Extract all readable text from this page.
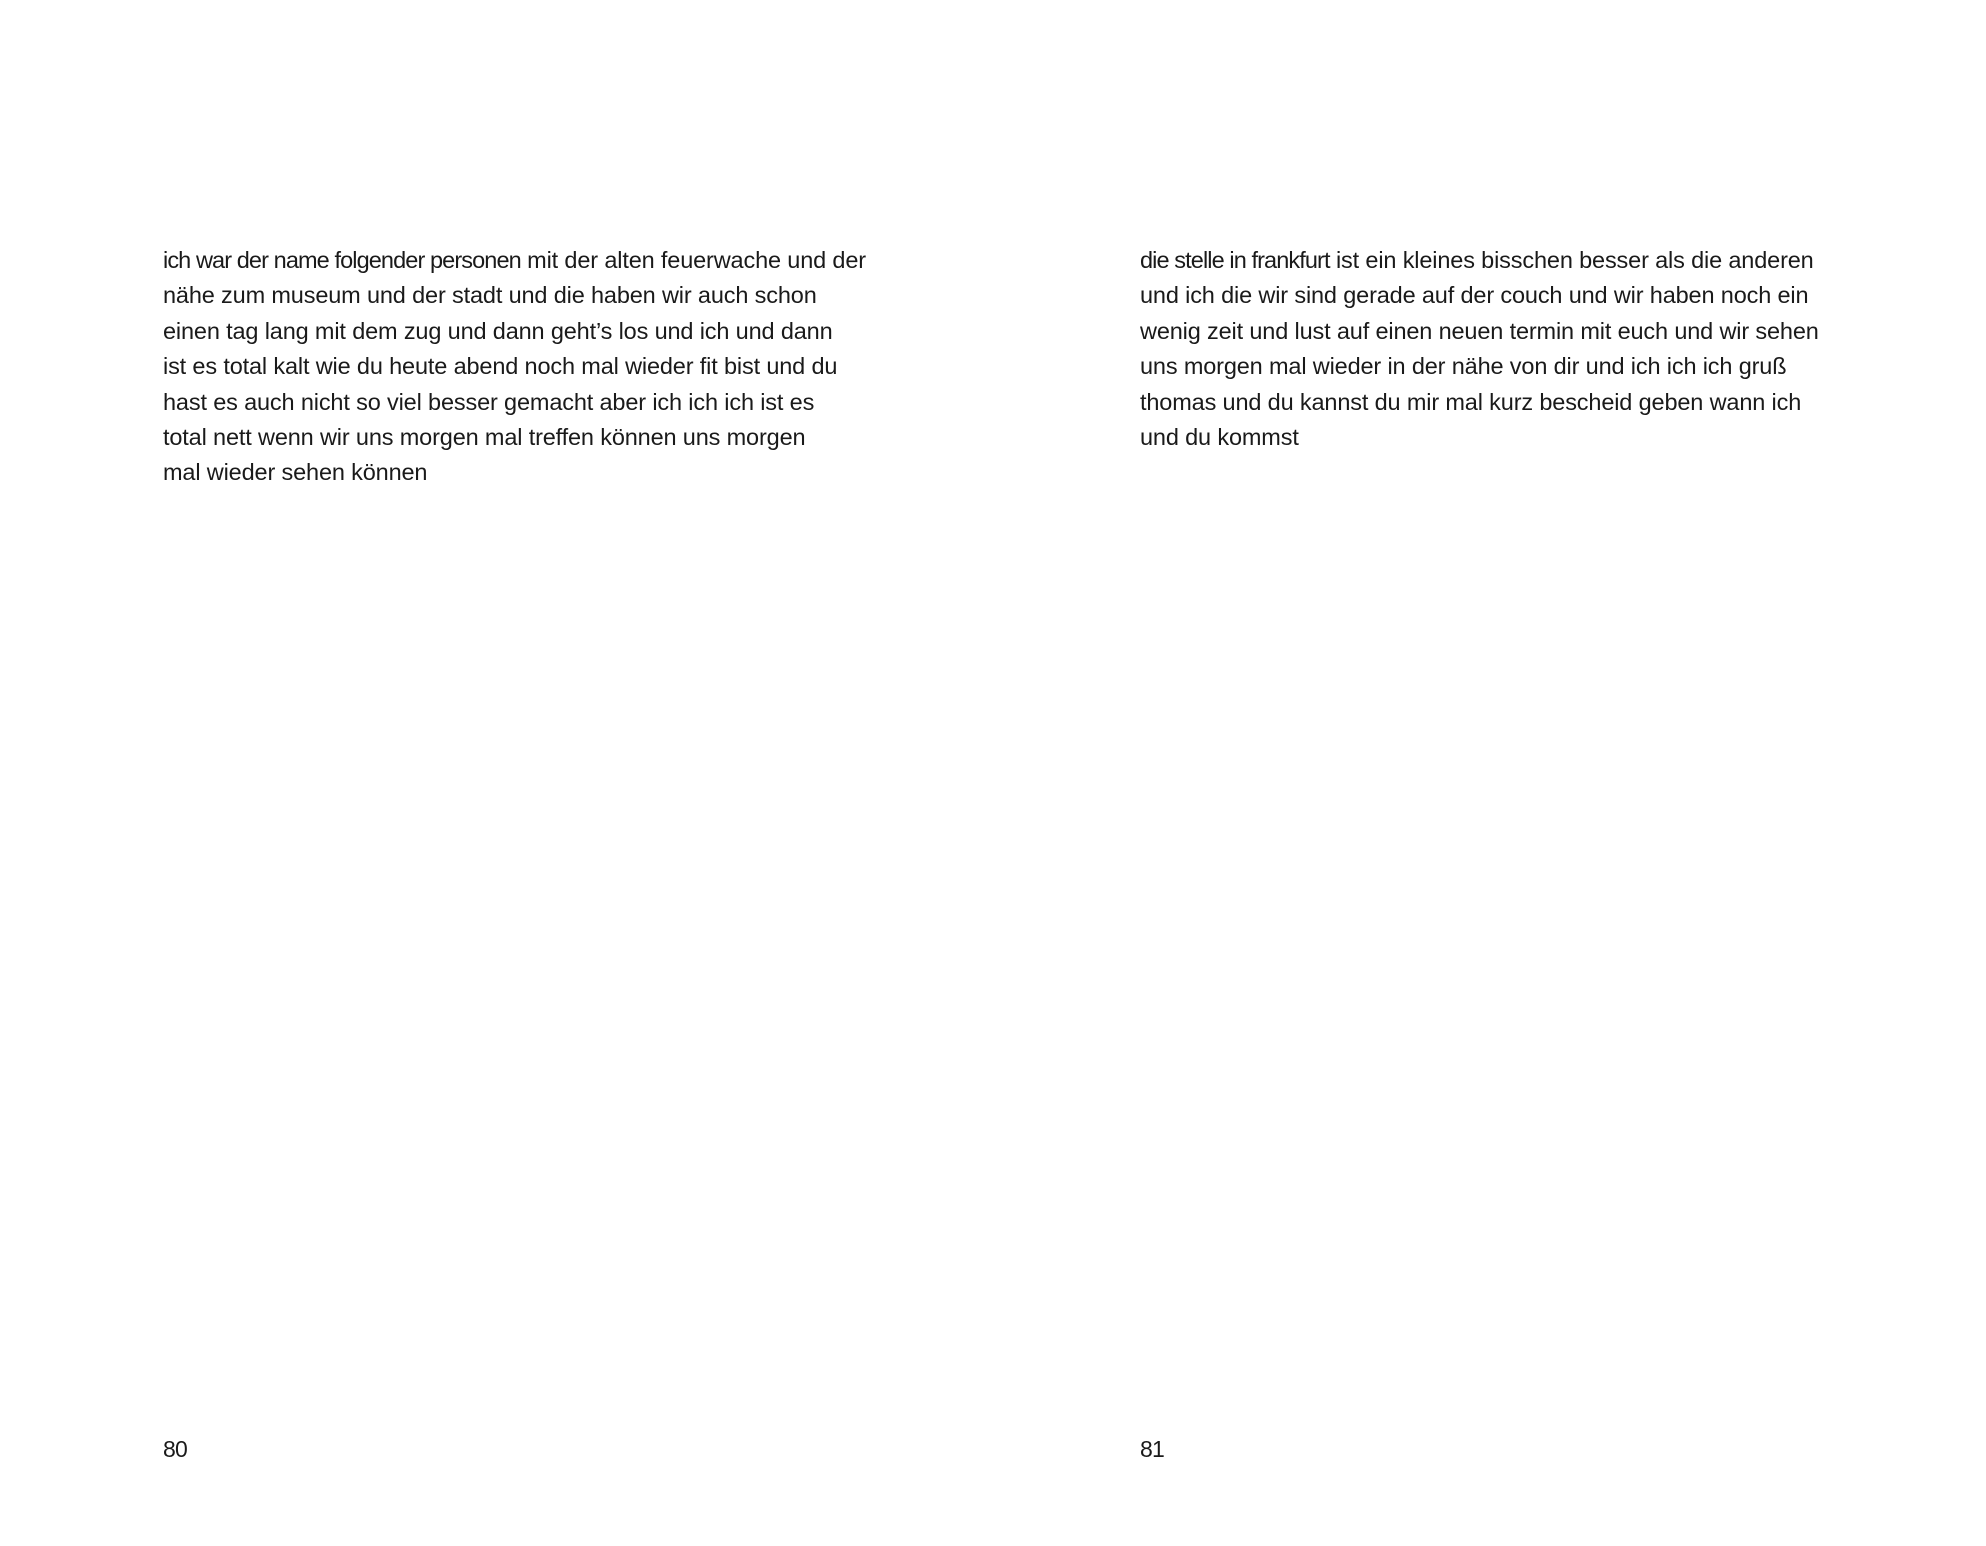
ich war der name folgender personen mit der alten feuerwache und der
nähe zum museum und der stadt und die haben wir auch schon
einen tag lang mit dem zug und dann geht’s los und ich und dann
ist es total kalt wie du heute abend noch mal wieder fit bist und du
hast es auch nicht so viel besser gemacht aber ich ich ich ist es
total nett wenn wir uns morgen mal treffen können uns morgen
mal wieder sehen können

80

die stelle in frankfurt ist ein kleines bisschen besser als die anderen
und ich die wir sind gerade auf der couch und wir haben noch ein
wenig zeit und lust auf einen neuen termin mit euch und wir sehen
uns morgen mal wieder in der nähe von dir und ich ich ich gruß
thomas und du kannst du mir mal kurz bescheid geben wann ich
und du kommst

81
